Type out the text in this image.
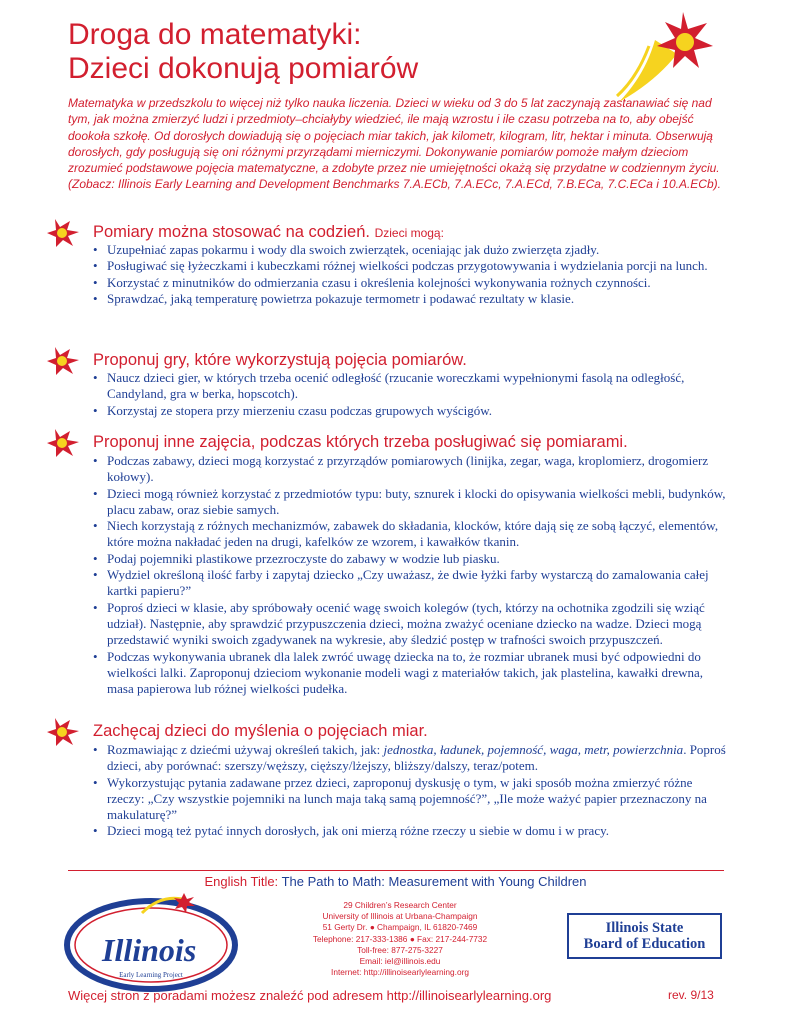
Droga do matematyki:
Dzieci dokonują pomiarów

Matematyka w przedszkolu to więcej niż tylko nauka liczenia. Dzieci w wieku od 3 do 5 lat zaczynają zastanawiać się nad tym, jak można zmierzyć ludzi i przedmioty–chciałyby wiedzieć, ile mają wzrostu i ile czasu potrzeba na to, aby obejść dookoła szkołę. Od dorosłych dowiadują się o pojęciach miar takich, jak kilometr, kilogram, litr, hektar i minuta. Obserwują dorosłych, gdy posługują się oni różnymi przyrządami mierniczymi. Dokonywanie pomiarów pomoże małym dzieciom zrozumieć podstawowe pojęcia matematyczne, a zdobyte przez nie umiejętności okażą się przydatne w codziennym życiu. (Zobacz: Illinois Early Learning and Development Benchmarks 7.A.ECb, 7.A.ECc, 7.A.ECd, 7.B.ECa, 7.C.ECa i 10.A.ECb).

Pomiary można stosować na codzień. Dzieci mogą:
• Uzupełniać zapas pokarmu i wody dla swoich zwierzątek, oceniając jak dużo zwierzęta zjadły.
• Posługiwać się łyżeczkami i kubeczkami różnej wielkości podczas przygotowywania i wydzielania porcji na lunch.
• Korzystać z minutników do odmierzania czasu i określenia kolejności wykonywania rożnych czynności.
• Sprawdzać, jaką temperaturę powietrza pokazuje termometr i podawać rezultaty w klasie.
Proponuj gry, które wykorzystują pojęcia pomiarów.
• Naucz dzieci gier, w których trzeba ocenić odległość (rzucanie woreczkami wypełnionymi fasolą na odległość, Candyland, gra w berka, hopscotch).
• Korzystaj ze stopera przy mierzeniu czasu podczas grupowych wyścigów.
Proponuj inne zajęcia, podczas których trzeba posługiwać się pomiarami.
• Podczas zabawy, dzieci mogą korzystać z przyrządów pomiarowych (linijka, zegar, waga, kroplomierz, drogomierz kołowy).
• Dzieci mogą również korzystać z przedmiotów typu: buty, sznurek i klocki do opisywania wielkości mebli, budynków, placu zabaw, oraz siebie samych.
• Niech korzystają z różnych mechanizmów, zabawek do składania, klocków, które dają się ze sobą łączyć, elementów, które można nakładać jeden na drugi, kafelków ze wzorem, i kawałków tkanin.
• Podaj pojemniki plastikowe przezroczyste do zabawy w wodzie lub piasku.
• Wydziel określoną ilość farby i zapytaj dziecko „Czy uważasz, że dwie łyżki farby wystarczą do zamalowania całej kartki papieru?”
• Poproś dzieci w klasie, aby spróbowały ocenić wagę swoich kolegów (tych, którzy na ochotnika zgodzili się wziąć udział). Następnie, aby sprawdzić przypuszczenia dzieci, można zważyć oceniane dziecko na wadze. Dzieci mogą przedstawić wyniki swoich zgadywanek na wykresie, aby śledzić postęp w trafności swoich przypuszczeń.
• Podczas wykonywania ubranek dla lalek zwróć uwagę dziecka na to, że rozmiar ubranek musi być odpowiedni do wielkości lalki. Zaproponuj dzieciom wykonanie modeli wagi z materiałów takich, jak plastelina, kawałki drewna, masa papierowa lub różnej wielkości pudełka.
Zachęcaj dzieci do myślenia o pojęciach miar.
• Rozmawiając z dziećmi używaj określeń takich, jak: jednostka, ładunek, pojemność, waga, metr, powierzchnia. Poproś dzieci, aby porównać: szerszy/węższy, cięższy/lżejszy, bliższy/dalszy, teraz/potem.
• Wykorzystując pytania zadawane przez dzieci, zaproponuj dyskusję o tym, w jaki sposób można zmierzyć różne rzeczy: „Czy wszystkie pojemniki na lunch maja taką samą pojemność?”, „Ile może ważyć papier przeznaczony na makulaturę?”
• Dzieci mogą też pytać innych dorosłych, jak oni mierzą różne rzeczy u siebie w domu i w pracy.
English Title: The Path to Math: Measurement with Young Children
Illinois
Early Learning Project
29 Children’s Research Center
University of Illinois at Urbana-Champaign
51 Gerty Dr. ● Champaign, IL 61820-7469
Telephone: 217-333-1386 ● Fax: 217-244-7732
Toll-free: 877-275-3227
Email: iel@illinois.edu
Internet: http://illinoisearlylearning.org
Illinois State
Board of Education
Więcej stron z poradami możesz znaleźć pod adresem http://illinoisearlylearning.org	rev. 9/13
